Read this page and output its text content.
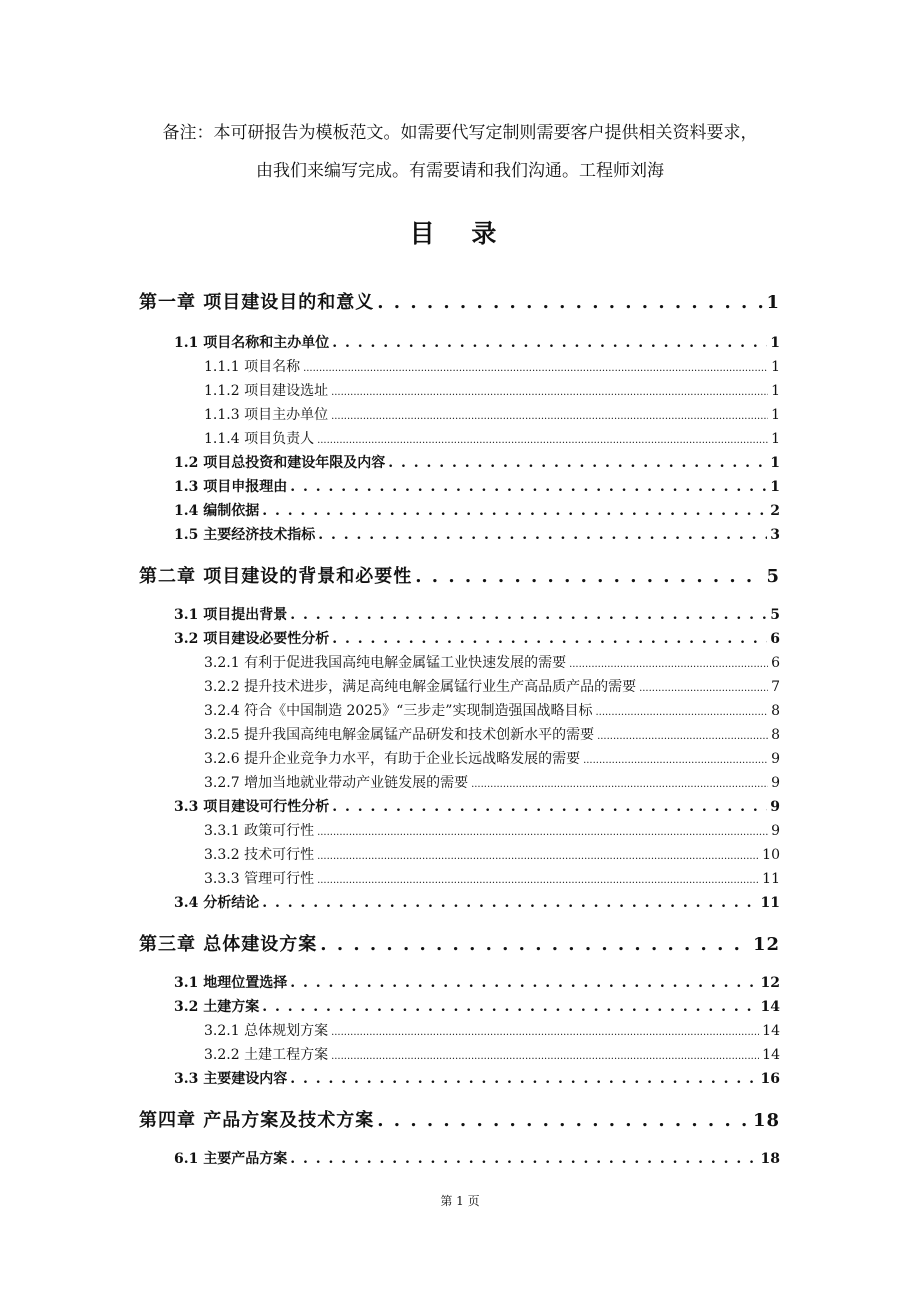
备注：本可研报告为模板范文。如需要代写定制则需要客户提供相关资料要求，
由我们来编写完成。有需要请和我们沟通。工程师刘海
目 录
第一章 项目建设目的和意义 . . .	1
1.1 项目名称和主办单位 . . .	1
1.1.1 项目名称 .....	1
1.1.2 项目建设选址 .....	1
1.1.3 项目主办单位 .....	1
1.1.4 项目负责人 .....	1
1.2 项目总投资和建设年限及内容 . . .	1
1.3 项目申报理由 . . .	1
1.4 编制依据 . . .	2
1.5 主要经济技术指标 . . .	3
第二章 项目建设的背景和必要性 . . .	5
3.1 项目提出背景 . . .	5
3.2 项目建设必要性分析 . . .	6
3.2.1 有利于促进我国高纯电解金属锰工业快速发展的需要 .....	6
3.2.2 提升技术进步，满足高纯电解金属锰行业生产高品质产品的需要 .....	7
3.2.4 符合《中国制造 2025》“三步走”实现制造强国战略目标 .....	8
3.2.5 提升我国高纯电解金属锰产品研发和技术创新水平的需要 .....	8
3.2.6 提升企业竞争力水平，有助于企业长远战略发展的需要 .....	9
3.2.7 增加当地就业带动产业链发展的需要 .....	9
3.3 项目建设可行性分析 . . .	9
3.3.1 政策可行性 .....	9
3.3.2 技术可行性 .....	10
3.3.3 管理可行性 .....	11
3.4 分析结论 . . .	11
第三章 总体建设方案 . . .	12
3.1 地理位置选择 . . .	12
3.2 土建方案 . . .	14
3.2.1 总体规划方案 .....	14
3.2.2 土建工程方案 .....	14
3.3 主要建设内容 . . .	16
第四章 产品方案及技术方案 . . .	18
6.1 主要产品方案 . . .	18
第 1 页
